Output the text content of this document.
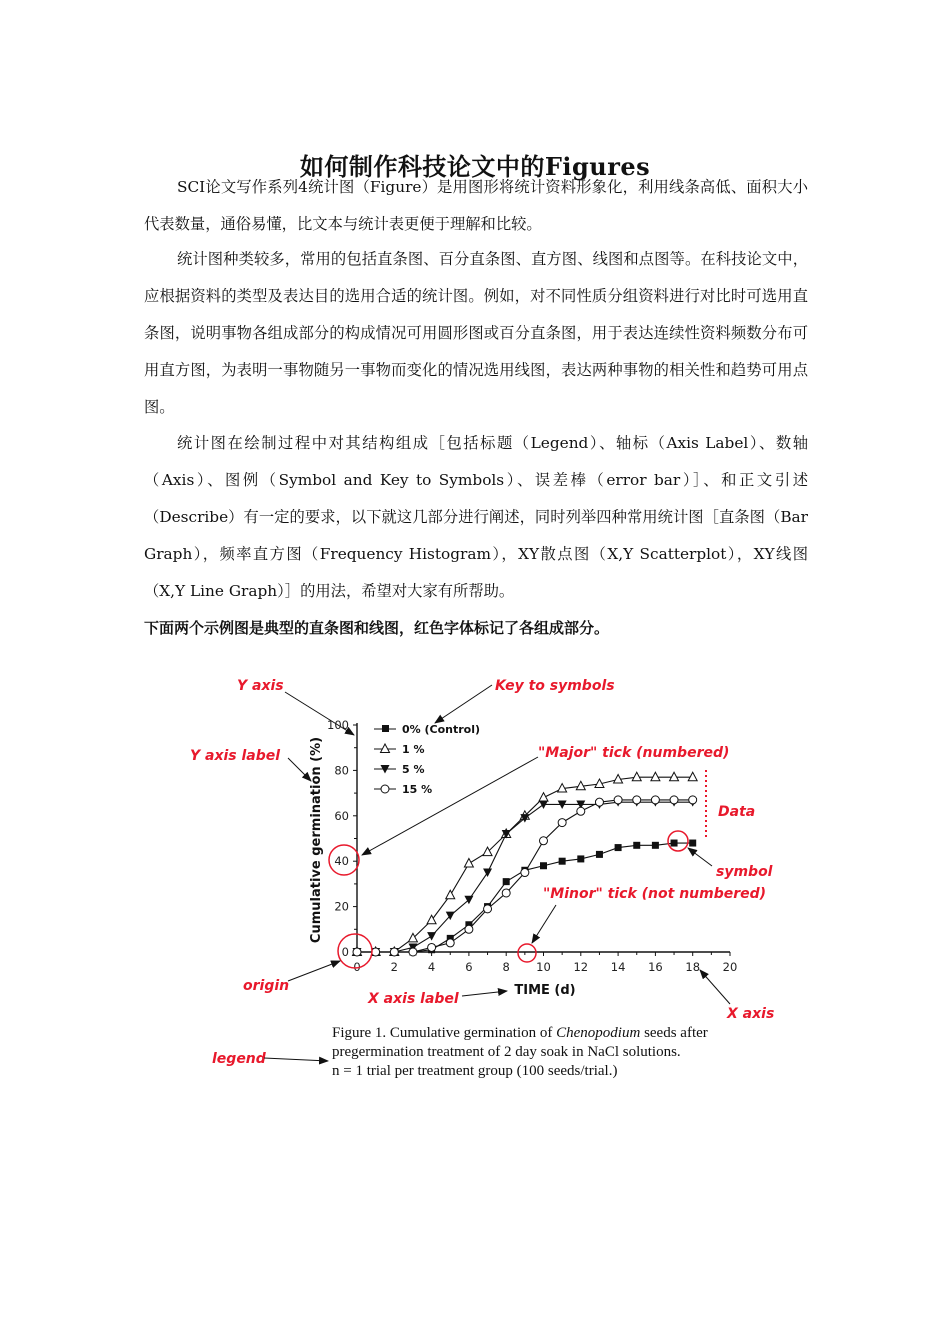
如何制作科技论文中的Figures

SCI论文写作系列4统计图（Figure）是用图形将统计资料形象化，利用线条高低、面积大小代表数量，通俗易懂，比文本与统计表更便于理解和比较。

统计图种类较多，常用的包括直条图、百分直条图、直方图、线图和点图等。在科技论文中，应根据资料的类型及表达目的选用合适的统计图。例如，对不同性质分组资料进行对比时可选用直条图，说明事物各组成部分的构成情况可用圆形图或百分直条图，用于表达连续性资料频数分布可用直方图，为表明一事物随另一事物而变化的情况选用线图，表达两种事物的相关性和趋势可用点图。

统计图在绘制过程中对其结构组成［包括标题（Legend）、轴标（Axis Label）、数轴（Axis）、图例（Symbol and Key to Symbols）、误差棒（error bar）］、和正文引述（Describe）有一定的要求，以下就这几部分进行阐述，同时列举四种常用统计图［直条图（Bar Graph），频率直方图（Frequency Histogram），XY散点图（X,Y Scatterplot），XY线图（X,Y Line Graph）］的用法，希望对大家有所帮助。

下面两个示例图是典型的直条图和线图，红色字体标记了各组成部分。

0	2	4	6	8 10 12 14 16 18 20
0
20
40
60
80
100
Cumulative germination (%)
TIME (d)
0% (Control)
1 %
5 %
15 %
Y axis	Key to symbols
Y axis label	"Major" tick (numbered)
Data
symbol
"Minor" tick (not numbered)
origin
X axis label
X axis
legend
Figure 1. Cumulative germination of Chenopodium seeds after
pregermination treatment of 2 day soak in NaCl solutions.
n = 1 trial per treatment group (100 seeds/trial.)
